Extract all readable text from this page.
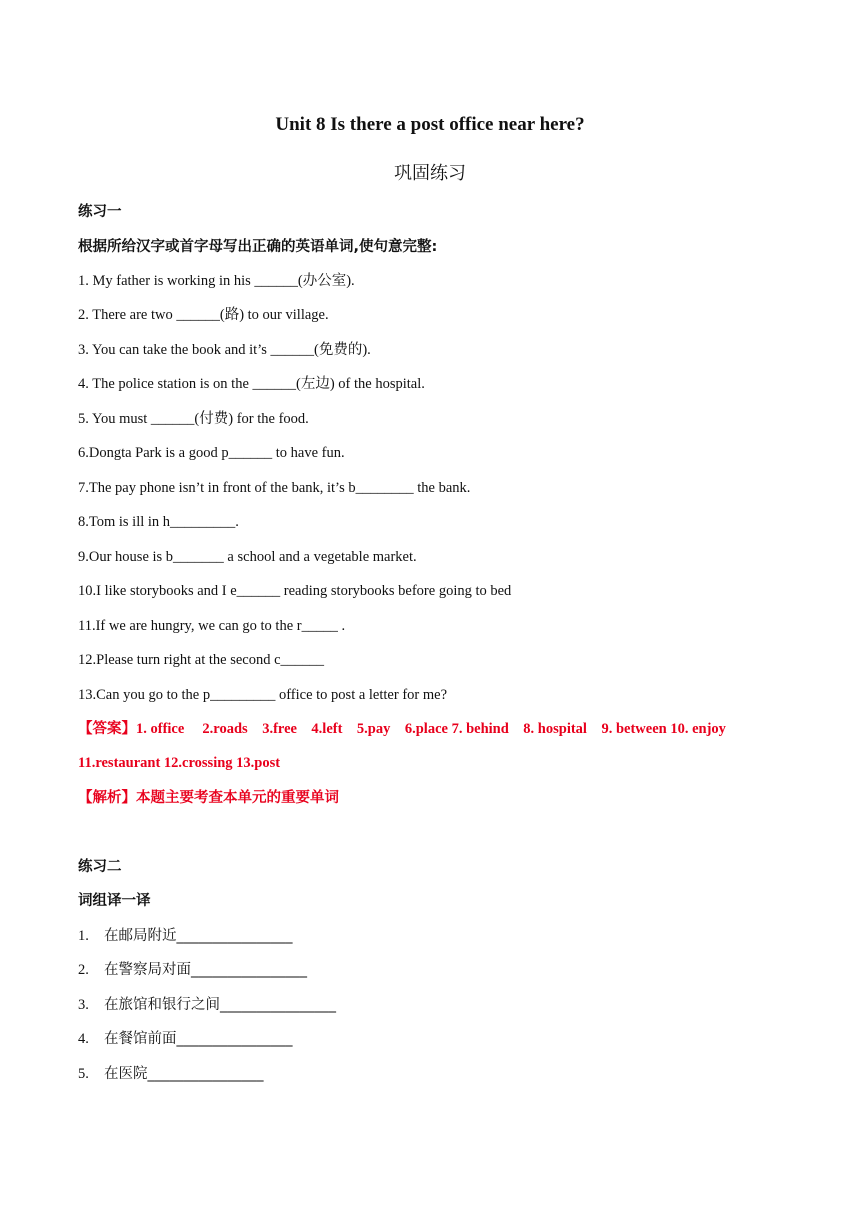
Unit 8 Is there a post office near here?
巩固练习
练习一
根据所给汉字或首字母写出正确的英语单词,使句意完整:
1. My father is working in his ______(办公室).
2. There are two ______(路) to our village.
3. You can take the book and it’s ______(免费的).
4. The police station is on the ______(左边) of the hospital.
5. You must ______(付费) for the food.
6.Dongta Park is a good p______ to have fun.
7.The pay phone isn’t in front of the bank, it’s b________ the bank.
8.Tom is ill in h_________.
9.Our house is b_______ a school and a vegetable market.
10.I like storybooks and I e______ reading storybooks before going to bed
11.If we are hungry, we can go to the r_____ .
12.Please turn right at the second c______
13.Can you go to the p_________ office to post a letter for me?
【答案】1. office     2.roads    3.free    4.left    5.pay    6.place 7. behind    8. hospital    9. between 10. enjoy
11.restaurant 12.crossing 13.post
【解析】本题主要考查本单元的重要单词
练习二
词组译一译
1. 在邮局附近________________
2. 在警察局对面________________
3. 在旅馆和银行之间________________
4. 在餐馆前面________________
5. 在医院________________
